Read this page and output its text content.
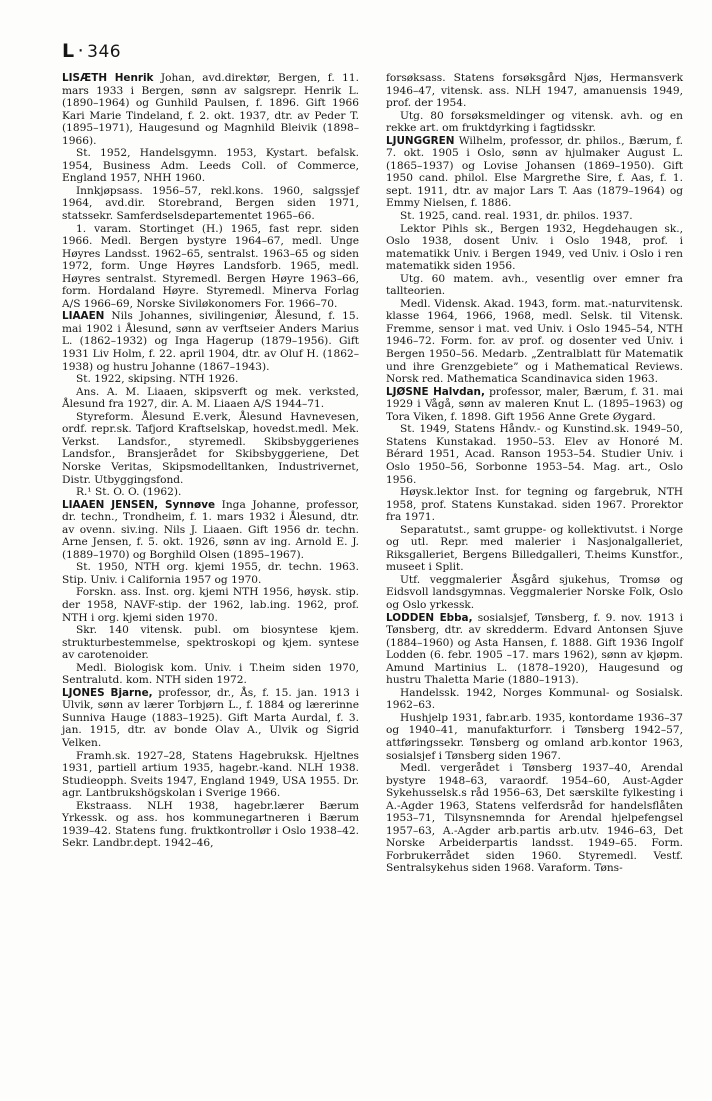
L · 346

LISÆTH Henrik Johan, avd.direktør, Bergen, f. 11. mars 1933 i Bergen, sønn av salgsrepr. Henrik L. (1890–1964) og Gunhild Paulsen, f. 1896. Gift 1966 Kari Marie Tindeland, f. 2. okt. 1937, dtr. av Peder T. (1895–1971), Haugesund og Magnhild Bleivik (1898–1966).

St. 1952, Handelsgymn. 1953, Kystart. befalsk. 1954, Business Adm. Leeds Coll. of Commerce, England 1957, NHH 1960.

Innkjøpsass. 1956–57, rekl.kons. 1960, salgssjef 1964, avd.dir. Storebrand, Bergen siden 1971, statssekr. Samferdselsdepartementet 1965–66.

1. varam. Stortinget (H.) 1965, fast repr. siden 1966. Medl. Bergen bystyre 1964–67, medl. Unge Høyres Landsst. 1962–65, sentralst. 1963–65 og siden 1972, form. Unge Høyres Landsforb. 1965, medl. Høyres sentralst. Styremedl. Bergen Høyre 1963–66, form. Hordaland Høyre. Styremedl. Minerva Forlag A/S 1966–69, Norske Siviløkonomers For. 1966–70.

LIAAEN Nils Johannes, sivilingeniør, Ålesund, f. 15. mai 1902 i Ålesund, sønn av verftseier Anders Marius L. (1862–1932) og Inga Hagerup (1879–1956). Gift 1931 Liv Holm, f. 22. april 1904, dtr. av Oluf H. (1862–1938) og hustru Johanne (1867–1943).

St. 1922, skipsing. NTH 1926.

Ans. A. M. Liaaen, skipsverft og mek. verksted, Ålesund fra 1927, dir. A. M. Liaaen A/S 1944–71.

Styreform. Ålesund E.verk, Ålesund Havnevesen, ordf. repr.sk. Tafjord Kraftselskap, hovedst.medl. Mek. Verkst. Landsfor., styremedl. Skibsbyggerienes Landsfor., Bransjerådet for Skibsbyggeriene, Det Norske Veritas, Skipsmodelltanken, Industrivernet, Distr. Utbyggingsfond.

R.¹ St. O. O. (1962).

LIAAEN JENSEN, Synnøve Inga Johanne, professor, dr. techn., Trondheim, f. 1. mars 1932 i Ålesund, dtr. av ovenn. siv.ing. Nils J. Liaaen. Gift 1956 dr. techn. Arne Jensen, f. 5. okt. 1926, sønn av ing. Arnold E. J. (1889–1970) og Borghild Olsen (1895–1967).

St. 1950, NTH org. kjemi 1955, dr. techn. 1963. Stip. Univ. i California 1957 og 1970.

Forskn. ass. Inst. org. kjemi NTH 1956, høysk. stip. der 1958, NAVF-stip. der 1962, lab.ing. 1962, prof. NTH i org. kjemi siden 1970.

Skr. 140 vitensk. publ. om biosyntese kjem. strukturbestemmelse, spektroskopi og kjem. syntese av carotenoider.

Medl. Biologisk kom. Univ. i T.heim siden 1970, Sentralutd. kom. NTH siden 1972.

LJONES Bjarne, professor, dr., Ås, f. 15. jan. 1913 i Ulvik, sønn av lærer Torbjørn L., f. 1884 og lærerinne Sunniva Hauge (1883–1925). Gift Marta Aurdal, f. 3. jan. 1915, dtr. av bonde Olav A., Ulvik og Sigrid Velken.

Framh.sk. 1927–28, Statens Hagebruksk. Hjeltnes 1931, partiell artium 1935, hagebr.-kand. NLH 1938. Studieopph. Sveits 1947, England 1949, USA 1955. Dr. agr. Lantbrukshögskolan i Sverige 1966.

Ekstraass. NLH 1938, hagebr.lærer Bærum Yrkessk. og ass. hos kommunegartneren i Bærum 1939–42. Statens fung. fruktkontrollør i Oslo 1938–42. Sekr. Landbr.dept. 1942–46,

forsøksass. Statens forsøksgård Njøs, Hermansverk 1946–47, vitensk. ass. NLH 1947, amanuensis 1949, prof. der 1954.

Utg. 80 forsøksmeldinger og vitensk. avh. og en rekke art. om fruktdyrking i fagtidsskr.

LJUNGGREN Wilhelm, professor, dr. philos., Bærum, f. 7. okt. 1905 i Oslo, sønn av hjulmaker August L. (1865–1937) og Lovise Johansen (1869–1950). Gift 1950 cand. philol. Else Margrethe Sire, f. Aas, f. 1. sept. 1911, dtr. av major Lars T. Aas (1879–1964) og Emmy Nielsen, f. 1886.

St. 1925, cand. real. 1931, dr. philos. 1937.

Lektor Pihls sk., Bergen 1932, Hegdehaugen sk., Oslo 1938, dosent Univ. i Oslo 1948, prof. i matematikk Univ. i Bergen 1949, ved Univ. i Oslo i ren matematikk siden 1956.

Utg. 60 matem. avh., vesentlig over emner fra tallteorien.

Medl. Vidensk. Akad. 1943, form. mat.-naturvitensk. klasse 1964, 1966, 1968, medl. Selsk. til Vitensk. Fremme, sensor i mat. ved Univ. i Oslo 1945–54, NTH 1946–72. Form. for. av prof. og dosenter ved Univ. i Bergen 1950–56. Medarb. „Zentralblatt für Matematik und ihre Grenzgebiete” og i Mathematical Reviews. Norsk red. Mathematica Scandinavica siden 1963.

LJØSNE Halvdan, professor, maler, Bærum, f. 31. mai 1929 i Vågå, sønn av maleren Knut L. (1895–1963) og Tora Viken, f. 1898. Gift 1956 Anne Grete Øygard.

St. 1949, Statens Håndv.- og Kunstind.sk. 1949–50, Statens Kunstakad. 1950–53. Elev av Honoré M. Bérard 1951, Acad. Ranson 1953–54. Studier Univ. i Oslo 1950–56, Sorbonne 1953–54. Mag. art., Oslo 1956.

Høysk.lektor Inst. for tegning og fargebruk, NTH 1958, prof. Statens Kunstakad. siden 1967. Prorektor fra 1971.

Separatutst., samt gruppe- og kollektivutst. i Norge og utl. Repr. med malerier i Nasjonalgalleriet, Riksgalleriet, Bergens Billedgalleri, T.heims Kunstfor., museet i Split.

Utf. veggmalerier Åsgård sjukehus, Tromsø og Eidsvoll landsgymnas. Veggmalerier Norske Folk, Oslo og Oslo yrkessk.

LODDEN Ebba, sosialsjef, Tønsberg, f. 9. nov. 1913 i Tønsberg, dtr. av skredderm. Edvard Antonsen Sjuve (1884–1960) og Asta Hansen, f. 1888. Gift 1936 Ingolf Lodden (6. febr. 1905 –17. mars 1962), sønn av kjøpm. Amund Martinius L. (1878–1920), Haugesund og hustru Thaletta Marie (1880–1913).

Handelssk. 1942, Norges Kommunal- og Sosialsk. 1962–63.

Hushjelp 1931, fabr.arb. 1935, kontordame 1936–37 og 1940–41, manufakturforr. i Tønsberg 1942–57, attføringssekr. Tønsberg og omland arb.kontor 1963, sosialsjef i Tønsberg siden 1967.

Medl. vergerådet i Tønsberg 1937–40, Arendal bystyre 1948–63, varaordf. 1954–60, Aust-Agder Sykehusselsk.s råd 1956–63, Det særskilte fylkesting i A.-Agder 1963, Statens velferdsråd for handelsflåten 1953–71, Tilsynsnemnda for Arendal hjelpefengsel 1957–63, A.-Agder arb.partis arb.utv. 1946–63, Det Norske Arbeiderpartis landsst. 1949–65. Form. Forbrukerrådet siden 1960. Styremedl. Vestf. Sentralsykehus siden 1968. Varaform. Tøns-
